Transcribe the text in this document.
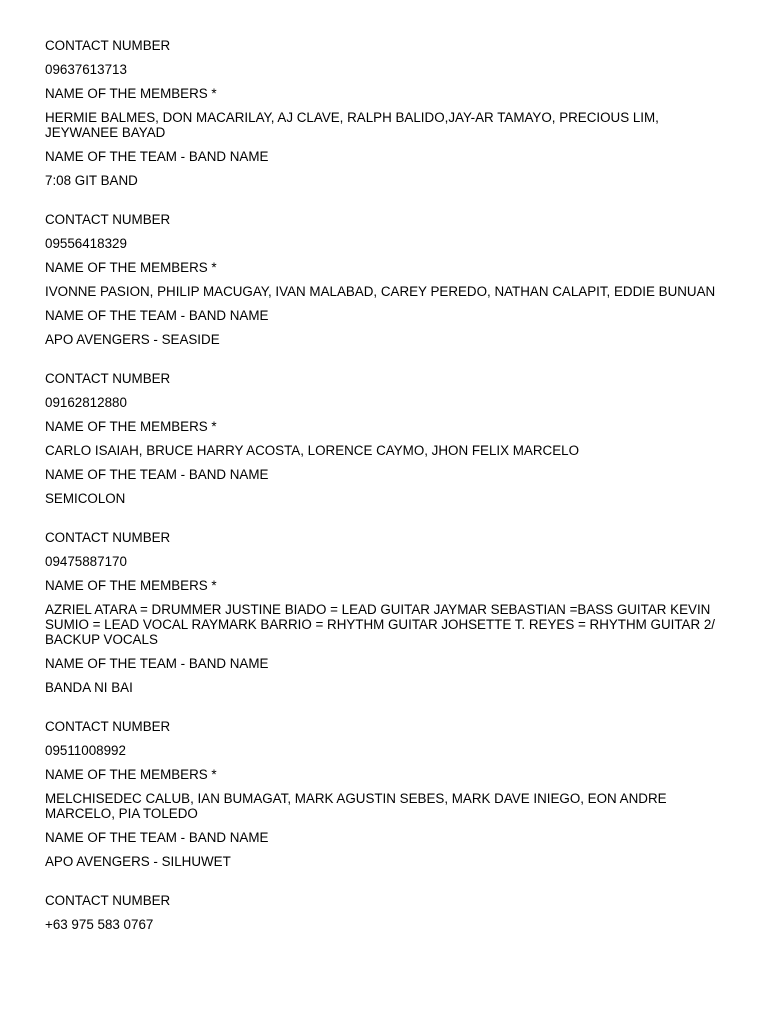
CONTACT NUMBER
09637613713
NAME OF THE MEMBERS *
HERMIE BALMES, DON MACARILAY, AJ CLAVE, RALPH BALIDO,JAY-AR TAMAYO, PRECIOUS LIM, JEYWANEE BAYAD
NAME OF THE TEAM - BAND NAME
7:08 GIT BAND
CONTACT NUMBER
09556418329
NAME OF THE MEMBERS *
IVONNE PASION, PHILIP MACUGAY, IVAN MALABAD, CAREY PEREDO, NATHAN CALAPIT, EDDIE BUNUAN
NAME OF THE TEAM - BAND NAME
APO AVENGERS - SEASIDE
CONTACT NUMBER
09162812880
NAME OF THE MEMBERS *
CARLO ISAIAH, BRUCE HARRY ACOSTA, LORENCE CAYMO, JHON FELIX MARCELO
NAME OF THE TEAM - BAND NAME
SEMICOLON
CONTACT NUMBER
09475887170
NAME OF THE MEMBERS *
AZRIEL ATARA = DRUMMER JUSTINE BIADO = LEAD GUITAR JAYMAR SEBASTIAN =BASS GUITAR KEVIN SUMIO = LEAD VOCAL RAYMARK BARRIO = RHYTHM GUITAR JOHSETTE T. REYES = RHYTHM GUITAR 2/ BACKUP VOCALS
NAME OF THE TEAM - BAND NAME
BANDA NI BAI
CONTACT NUMBER
09511008992
NAME OF THE MEMBERS *
MELCHISEDEC CALUB, IAN BUMAGAT, MARK AGUSTIN SEBES, MARK DAVE INIEGO, EON ANDRE MARCELO, PIA TOLEDO
NAME OF THE TEAM - BAND NAME
APO AVENGERS - SILHUWET
CONTACT NUMBER
+63 975 583 0767
